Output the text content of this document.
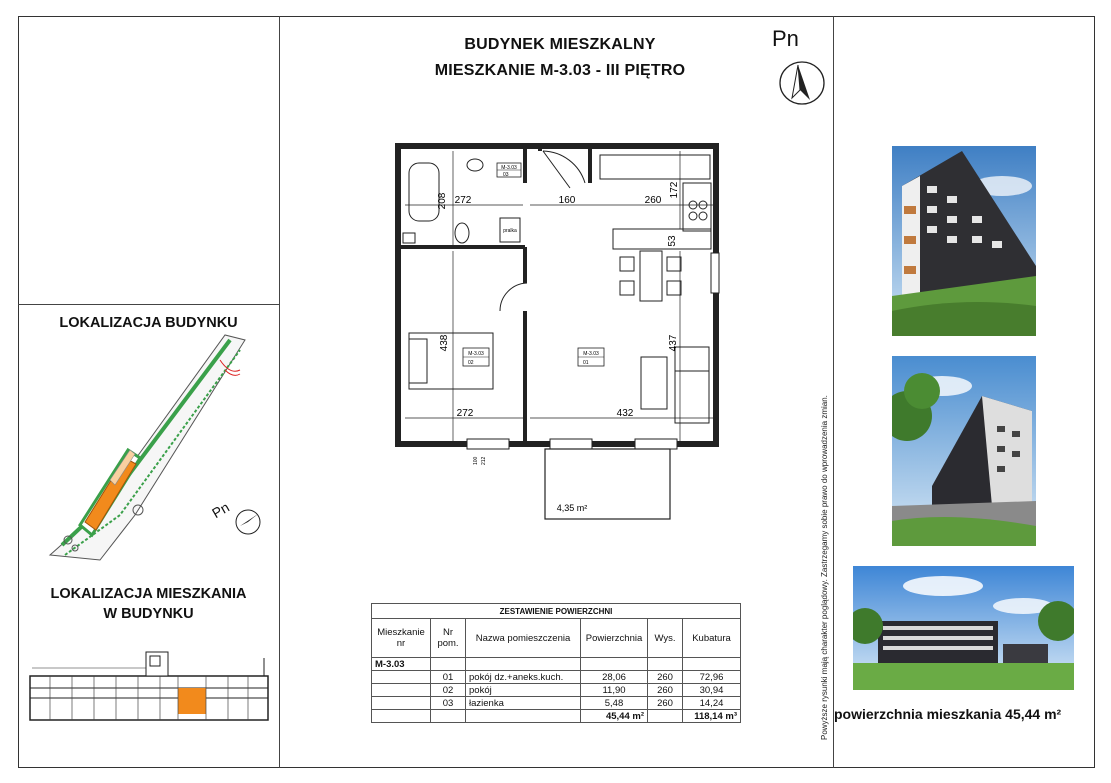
BUDYNEK MIESZKALNY
MIESZKANIE M-3.03 - III PIĘTRO
Pn
LOKALIZACJA BUDYNKU
LOKALIZACJA MIESZKANIA
W BUDYNKU
Pn
272
208	160	260
172
53
438	437
272	432
M-3.03
03
M-3.03
02
M-3.03
01
pralka
4,35 m²
100 212
ZESTAWIENIE POWIERZCHNI					
Mieszkanie nr	Nr pom.	Nazwa pomieszczenia	Powierzchnia	Wys.	Kubatura
M-3.03					
	01	pokój dz.+aneks.kuch.	28,06	260	72,96
	02	pokój	11,90	260	30,94
	03	łazienka	5,48	260	14,24
			45,44 m²		118,14 m³	Powyższe rysunki mają charakter poglądowy. Zastrzegamy sobie prawo do wprowadzenia zmian. powierzchnia mieszkania 45,44 m²
